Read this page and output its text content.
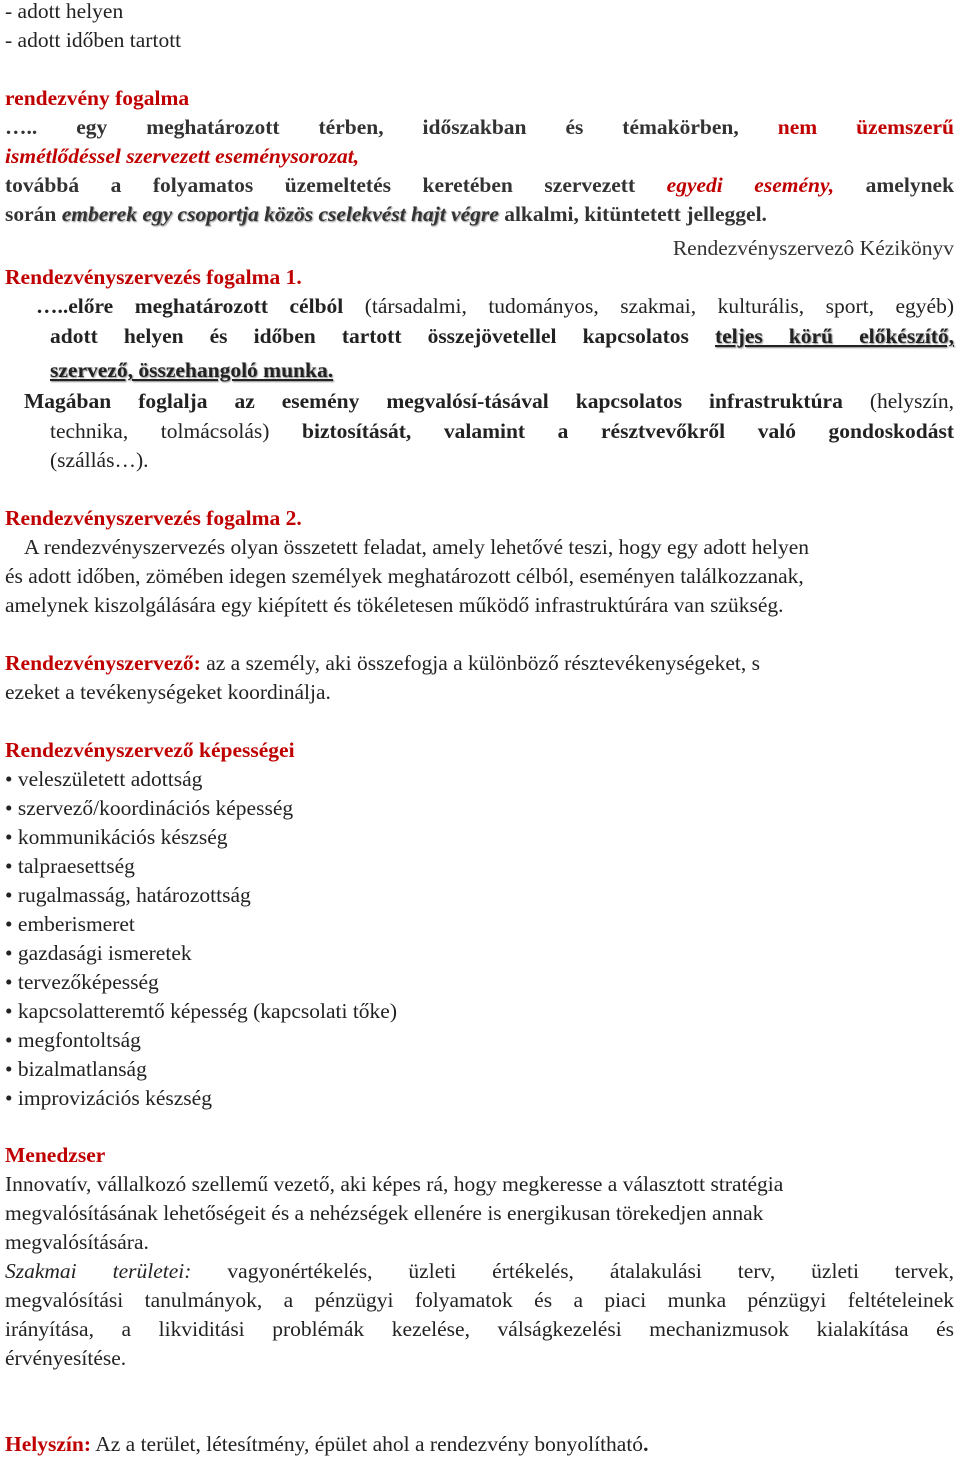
- adott helyen
- adott időben tartott
rendezvény fogalma
….. egy meghatározott térben, időszakban és témakörben, nem üzemszerű
ismétlődéssel szervezett eseménysorozat,
továbbá a folyamatos üzemeltetés keretében szervezett egyedi esemény, amelynek
során emberek egy csoportja közös cselekvést hajt végre alkalmi, kitüntetett jelleggel.
Rendezvényszervezô Kézikönyv
Rendezvényszervezés fogalma 1.
…..előre meghatározott célból (társadalmi, tudományos, szakmai, kulturális, sport, egyéb)
adott helyen és időben tartott összejövetellel kapcsolatos teljes körű előkészítő,
szervező, összehangoló munka.
Magában foglalja az esemény megvalósí-tásával kapcsolatos infrastruktúra (helyszín,
technika, tolmácsolás) biztosítását, valamint a résztvevőkről való gondoskodást
(szállás…).
Rendezvényszervezés fogalma 2.
A rendezvényszervezés olyan összetett feladat, amely lehetővé teszi, hogy egy adott helyen
és adott időben, zömében idegen személyek meghatározott célból, eseményen találkozzanak,
amelynek kiszolgálására egy kiépített és tökéletesen működő infrastruktúrára van szükség.
Rendezvényszervező: az a személy, aki összefogja a különböző résztevékenységeket, s
ezeket a tevékenységeket koordinálja.
Rendezvényszervező képességei
• veleszületett adottság
• szervező/koordinációs képesség
• kommunikációs készség
• talpraesettség
• rugalmasság, határozottság
• emberismeret
• gazdasági ismeretek
• tervezőképesség
• kapcsolatteremtő képesség (kapcsolati tőke)
• megfontoltság
• bizalmatlanság
• improvizációs készség
Menedzser
Innovatív, vállalkozó szellemű vezető, aki képes rá, hogy megkeresse a választott stratégia
megvalósításának lehetőségeit és a nehézségek ellenére is energikusan törekedjen annak
megvalósítására.
Szakmai területei: vagyonértékelés, üzleti értékelés, átalakulási terv, üzleti tervek,
megvalósítási tanulmányok, a pénzügyi folyamatok és a piaci munka pénzügyi feltételeinek
irányítása, a likviditási problémák kezelése, válságkezelési mechanizmusok kialakítása és
érvényesítése.
Helyszín: Az a terület, létesítmény, épület ahol a rendezvény bonyolítható.
